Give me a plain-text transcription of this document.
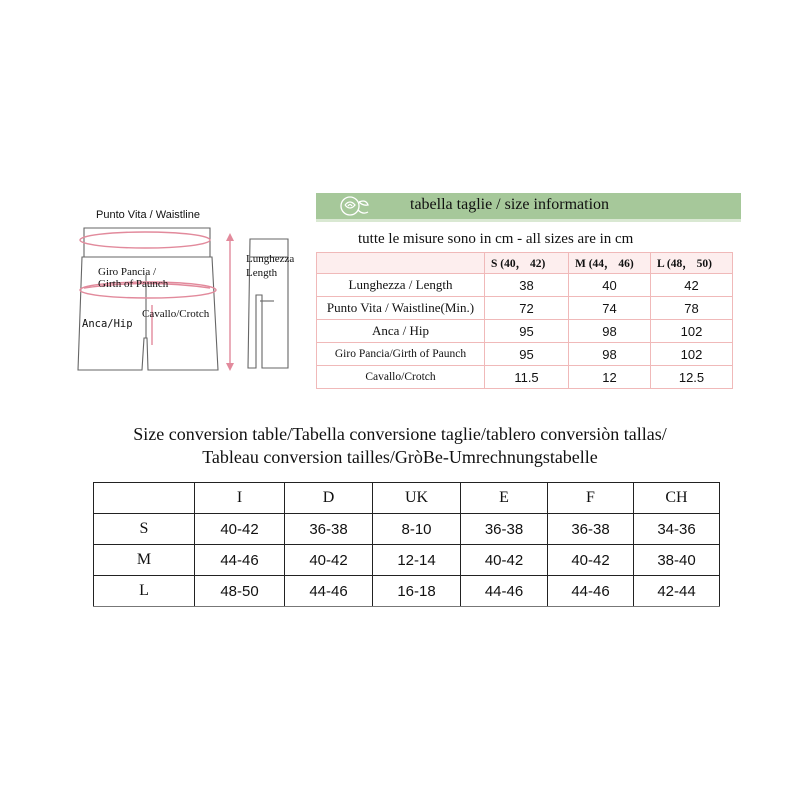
Punto Vita / Waistline
Lunghezza
Length
Giro Pancia /
Girth of Paunch
Anca/Hip
Cavallo/Crotch
tabella taglie / size information
tutte le misure sono in cm - all sizes are in cm
	S (40， 42)	M (44， 46)	L (48， 50)
Lunghezza / Length	38	40	42
Punto Vita / Waistline(Min.)	72	74	78
Anca / Hip	95	98	102
Giro Pancia/Girth of Paunch	95	98	102
Cavallo/Crotch	11.5	12	12.5
Size conversion table/Tabella conversione taglie/tablero conversiòn tallas/
Tableau conversion tailles/GròBe-Umrechnungstabelle
	I	D	UK	E	F	CH
S	40-42	36-38	8-10	36-38	36-38	34-36
M	44-46	40-42	12-14	40-42	40-42	38-40
L	48-50	44-46	16-18	44-46	44-46	42-44
